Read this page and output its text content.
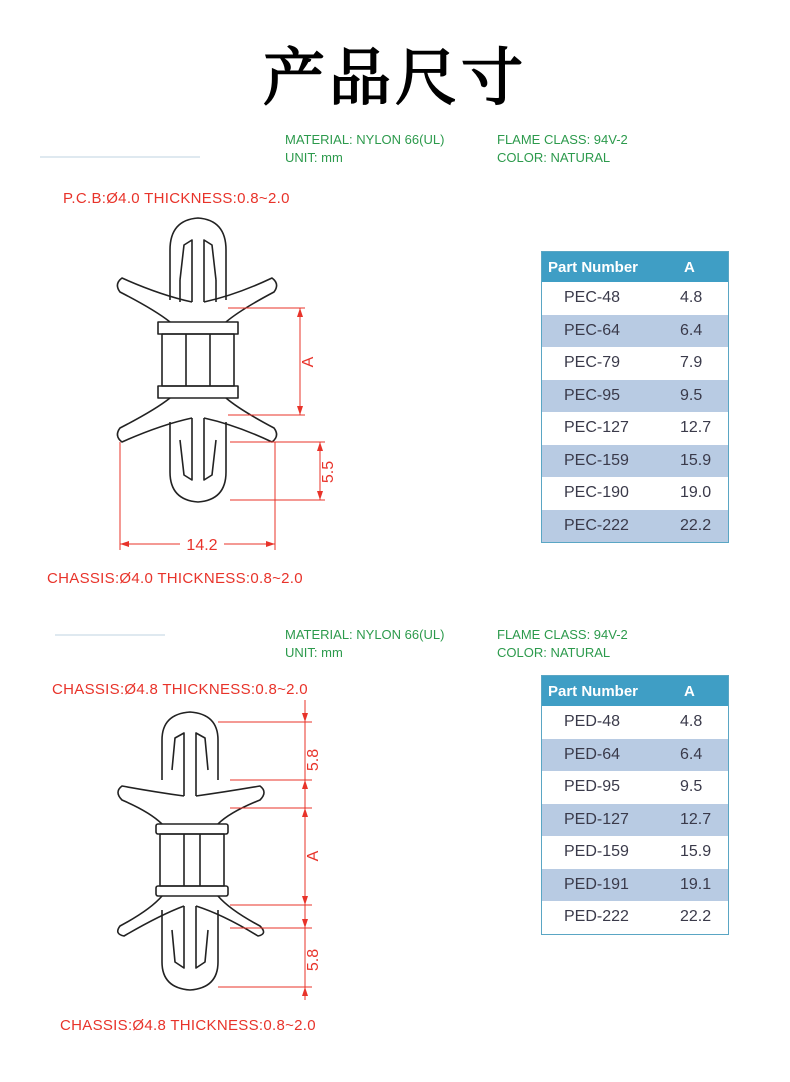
产品尺寸
MATERIAL: NYLON 66(UL)	FLAME CLASS: 94V-2
UNIT: mm	COLOR: NATURAL
P.C.B:Ø4.0 THICKNESS:0.8~2.0
CHASSIS:Ø4.0 THICKNESS:0.8~2.0
A
5.5
14.2
Part Number	A
PEC-48	4.8
PEC-64	6.4
PEC-79	7.9
PEC-95	9.5
PEC-127	12.7
PEC-159	15.9
PEC-190	19.0
PEC-222	22.2
MATERIAL: NYLON 66(UL)	FLAME CLASS: 94V-2
UNIT: mm	COLOR: NATURAL
CHASSIS:Ø4.8 THICKNESS:0.8~2.0
CHASSIS:Ø4.8 THICKNESS:0.8~2.0
5.8
A
5.8
Part Number	A
PED-48	4.8
PED-64	6.4
PED-95	9.5
PED-127	12.7
PED-159	15.9
PED-191	19.1
PED-222	22.2
